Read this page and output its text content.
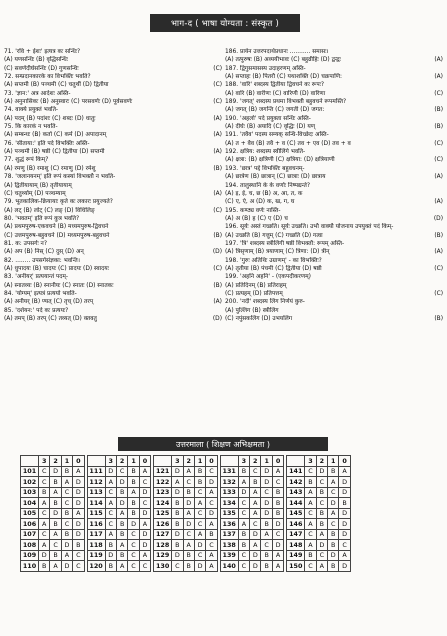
भाग-द ( भाषा योग्यता : संस्कृत )
71. 'रवि + ईशः' इत्यत्र कः सन्धिः?
(A) यणसन्धिः (B) वृद्धिसन्धिः
(C) सवर्णदीर्घसन्धिः (D) गुणसन्धिः	(C)
72. सम्प्रदानकारके का विभक्तिः भवति?
(A) सप्तमी (B) पञ्चमी (C) चतुर्थी (D) द्वितीया	(C)
73. 'ज्ञान:' अत्र आदेशः अस्ति-
(A) अनुनासिकः (B) अनुस्वारः (C) परसवर्णः (D) पूर्वसवर्णः	(C)
74. वाक्ये प्रयुक्तं भवति-
(A) पदम् (B) पदांशः (C) शब्दः (D) धातुः	(A)
75. कि कारकं न भवति-
(A) सम्बन्धः (B) कर्ता (C) कर्म (D) अपादानम्	(A)
76. 'सीताया:' इति पदे विभक्तिः अस्ति-
(A) पञ्चमी (B) षष्ठी (C) द्वितीया (D) सप्तमी	(A)
77. शुद्धं रूपं किम्?
(A) रमणु (B) रमाशु (C) रमाणु (D) रमेशु	(B)
78. 'जलानयनम्' इति रूपं कस्यां विभक्तौ न भवति-
(A) द्वितीयायाम् (B) तृतीयायाम्
(C) चतुर्थ्याम् (D) पञ्चम्याम्	(A)
79. भूतकालिक-क्रियायाः कृते कः लकारः प्रयुज्यते?
(A) लट् (B) लोट् (C) लङ् (D) विधिलिङ्	(C)
80. 'भवतम्' इति रूपं कुत्र भवति?
(A) प्रथमपुरुष-एकवचने (B) मध्यमपुरुष-द्विवचने
(C) उत्तमपुरुष-बहुवचने (D) मध्यमपुरुष-बहुवचने	(B)
81. क: उपसर्गः न?
(A) अप (B) निस् (C) दुस् (D) अन्	(D)
82. ........ उपसर्गसंज्ञका: भवन्ति।
(A) धुपादयः (B) चादयः (C) प्रादयः (D) स्वादयः	(C)
83. 'अनीयर्' प्रत्ययान्तं पदम्-
(A) स्नातव्यः (B) स्नानीयः (C) स्नातः (D) स्नातकः	(B)
84. 'योग्यम्' इत्यत्रं प्रत्ययो भवति-
(A) अनीयर् (B) ण्यत् (C) तृच् (D) तरप्	(A)
85. 'दर्शयन:' पदे कः प्रत्ययः?
(A) तमप् (B) तरप् (C) तव्यत् (D) क्तवतु	(D)
186. प्रायेन उत्तरपदार्थप्रधानः ........... समासः।
(A) तत्पुरुषः (B) अव्ययीभावः (C) बहुव्रीहिः (D) द्वन्द्वः	(A)
187. द्विगुसमासस्य उदाहरणम् अस्ति-
(A) सप्ताहः (B) पितरौ (C) यथाशक्ति (D) चक्रपाणि:	(A)
188. 'वारि' शब्दस्य द्वितीया द्विवचने कः रूपः?
(A) वारि (B) वारीणः (C) वारिणी (D) वारिणा	(C)
189. 'जगत्' शब्दस्य प्रथमा विभक्ती बहुवचने रूपमस्ति?
(A) जगत् (B) जगन्ति (C) जगती (D) जगत:	(B)
190. 'अहलो' पदे प्रयुक्ता सन्धिः अस्ति-
(A) दीर्घः (B) अयादि (C) वृद्धिः (D) यण्	(B)
191. 'तवैव' पदस्य सम्यक् सन्धि-विच्छेदः अस्ति-
(A) त + वैव (B) तवै + व (C) तव + एव (D) तव + व	(C)
192. क्षत्रिय: शब्दस्य स्वीलिंगे भवति-
(A) क्षत्रा: (B) क्षत्रिणी (C) क्षत्रिया: (D) क्षत्रियाणी	(C)
193. 'छात्र' पद्दे विभक्तिः बहुवचनम्-
(A) छात्रेण (B) छात्रान् (C) छात्राः (D) छात्राय	(A)
194. तालुस्थानि के के वर्णाः निष्पद्यन्ते?
(A) इ, ई, च, छ (B) अ, आ, त, क
(C) ए, ऐ, अ (D) क, ख, ग, घ	(A)
195. कण्ठ्य वर्णः नास्ति-
(A) अ (B) ह (C) ए (D) च	(D)
196. सूर्यः अस्तं गच्छति। सूर्यः उच्छति। उभौ वाक्यौ योजनाय उपयुक्तं पदं किम्-
(A) उच्छति (B) गत्तुम् (C) गच्छति (D) गत्वा	(B)
197. 'त्रि' शब्दस्य स्त्रीलिंगी षष्ठी विभक्तौ: रूपम् अस्ति-
(A) त्रिसृणाम् (B) त्रयाणाम् (C) त्रिणा: (D) त्रीन्	(A)
198. 'गुरुः अतिथिः उग्राणम्' - का विभक्तिः?
(A) तृतीया (B) पंचमी (C) द्वितीया (D) षष्ठी	(C)
199. 'अहनि अहनि' - (एकपदीकरणम्)
(A) प्रतिदिनम् (B) प्रतिराहम्
(C) प्रत्यहम् (D) प्रतिपत्तम्	(C)
200. 'नदी' शब्दस्य लिंग निर्णयं कुरु-
(A) पुल्लिंग (B) स्त्रीलिंग
(C) नपुंसकलिंग (D) उभयलिंग	(B)
उत्तरमाला ( शिक्षण अभिक्षमता )
	3	2	1	0			3	2	1	0			3	2	1	0			3	2	1	0			3	2	1	0
101	C	D	B	A		111	D	C	B	A		121	D	A	B	C		131	B	C	D	A		141	C	D	B	A
102	C	B	A	D		112	A	D	B	C		122	A	C	B	D		132	A	B	D	C		142	B	C	A	D
103	B	A	C	D		113	C	B	A	D		123	D	B	C	A		133	D	A	C	B		143	A	B	C	D
104	A	B	C	D		114	A	D	B	C		124	B	D	A	C		134	C	A	D	B		144	A	C	D	B
105	C	D	B	A		115	C	A	B	D		125	B	A	C	D		135	C	A	D	B		145	C	B	A	D
106	A	B	C	D		116	C	B	D	A		126	B	D	C	A		136	A	C	B	D		146	A	B	C	D
107	C	A	B	D		117	A	B	C	D		127	D	C	A	B		137	B	D	A	C		147	C	A	B	D
108	A	C	D	B		118	B	A	C	D		128	B	A	D	C		138	B	A	C	D		148	A	D	B	C
109	D	B	A	C		119	D	B	C	A		129	D	B	C	A		139	C	D	B	A		149	B	C	D	A
110	B	A	D	C		120	B	A	C	C		130	C	B	D	A		140	C	D	B	A		150	C	A	B	D
